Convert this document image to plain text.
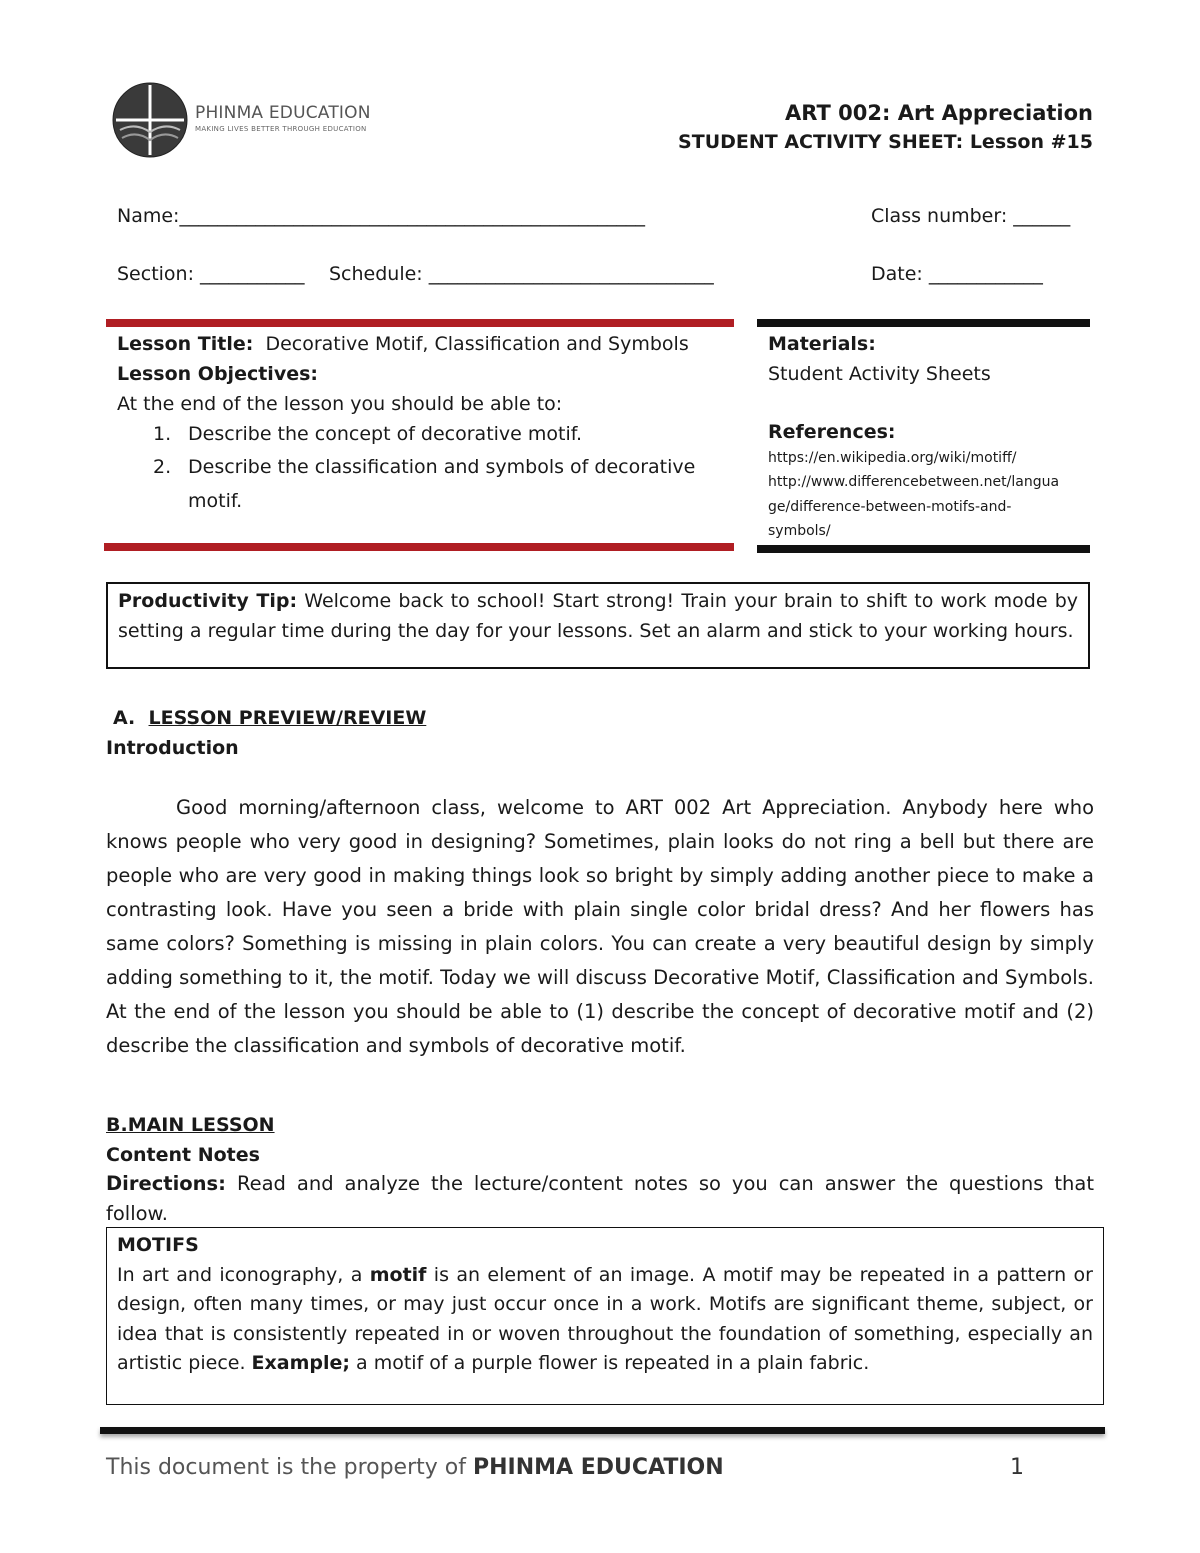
PHINMA EDUCATION
MAKING LIVES BETTER THROUGH EDUCATION
ART 002: Art Appreciation
STUDENT ACTIVITY SHEET: Lesson #15
Name:_________________________________________________	Class number: ______
Section: ___________ Schedule: ______________________________	Date: ____________
Lesson Title: Decorative Motif, Classification and Symbols
Lesson Objectives:
At the end of the lesson you should be able to:
1. Describe the concept of decorative motif.
2. Describe the classification and symbols of decorative
motif.
Materials:
Student Activity Sheets
References:
https://en.wikipedia.org/wiki/motiff/
http://www.differencebetween.net/langua
ge/difference-between-motifs-and-
symbols/
Productivity Tip: Welcome back to school! Start strong! Train your brain to shift to work mode by setting a regular time during the day for your lessons. Set an alarm and stick to your working hours.
A. LESSON PREVIEW/REVIEW
Introduction
Good morning/afternoon class, welcome to ART 002 Art Appreciation. Anybody here who knows people who very good in designing? Sometimes, plain looks do not ring a bell but there are people who are very good in making things look so bright by simply adding another piece to make a contrasting look. Have you seen a bride with plain single color bridal dress? And her flowers has same colors? Something is missing in plain colors. You can create a very beautiful design by simply adding something to it, the motif. Today we will discuss Decorative Motif, Classification and Symbols. At the end of the lesson you should be able to (1) describe the concept of decorative motif and (2) describe the classification and symbols of decorative motif.
B.MAIN LESSON
Content Notes
Directions: Read and analyze the lecture/content notes so you can answer the questions that follow.
MOTIFS
In art and iconography, a motif is an element of an image. A motif may be repeated in a pattern or design, often many times, or may just occur once in a work. Motifs are significant theme, subject, or idea that is consistently repeated in or woven throughout the foundation of something, especially an artistic piece. Example; a motif of a purple flower is repeated in a plain fabric.
This document is the property of PHINMA EDUCATION	1
